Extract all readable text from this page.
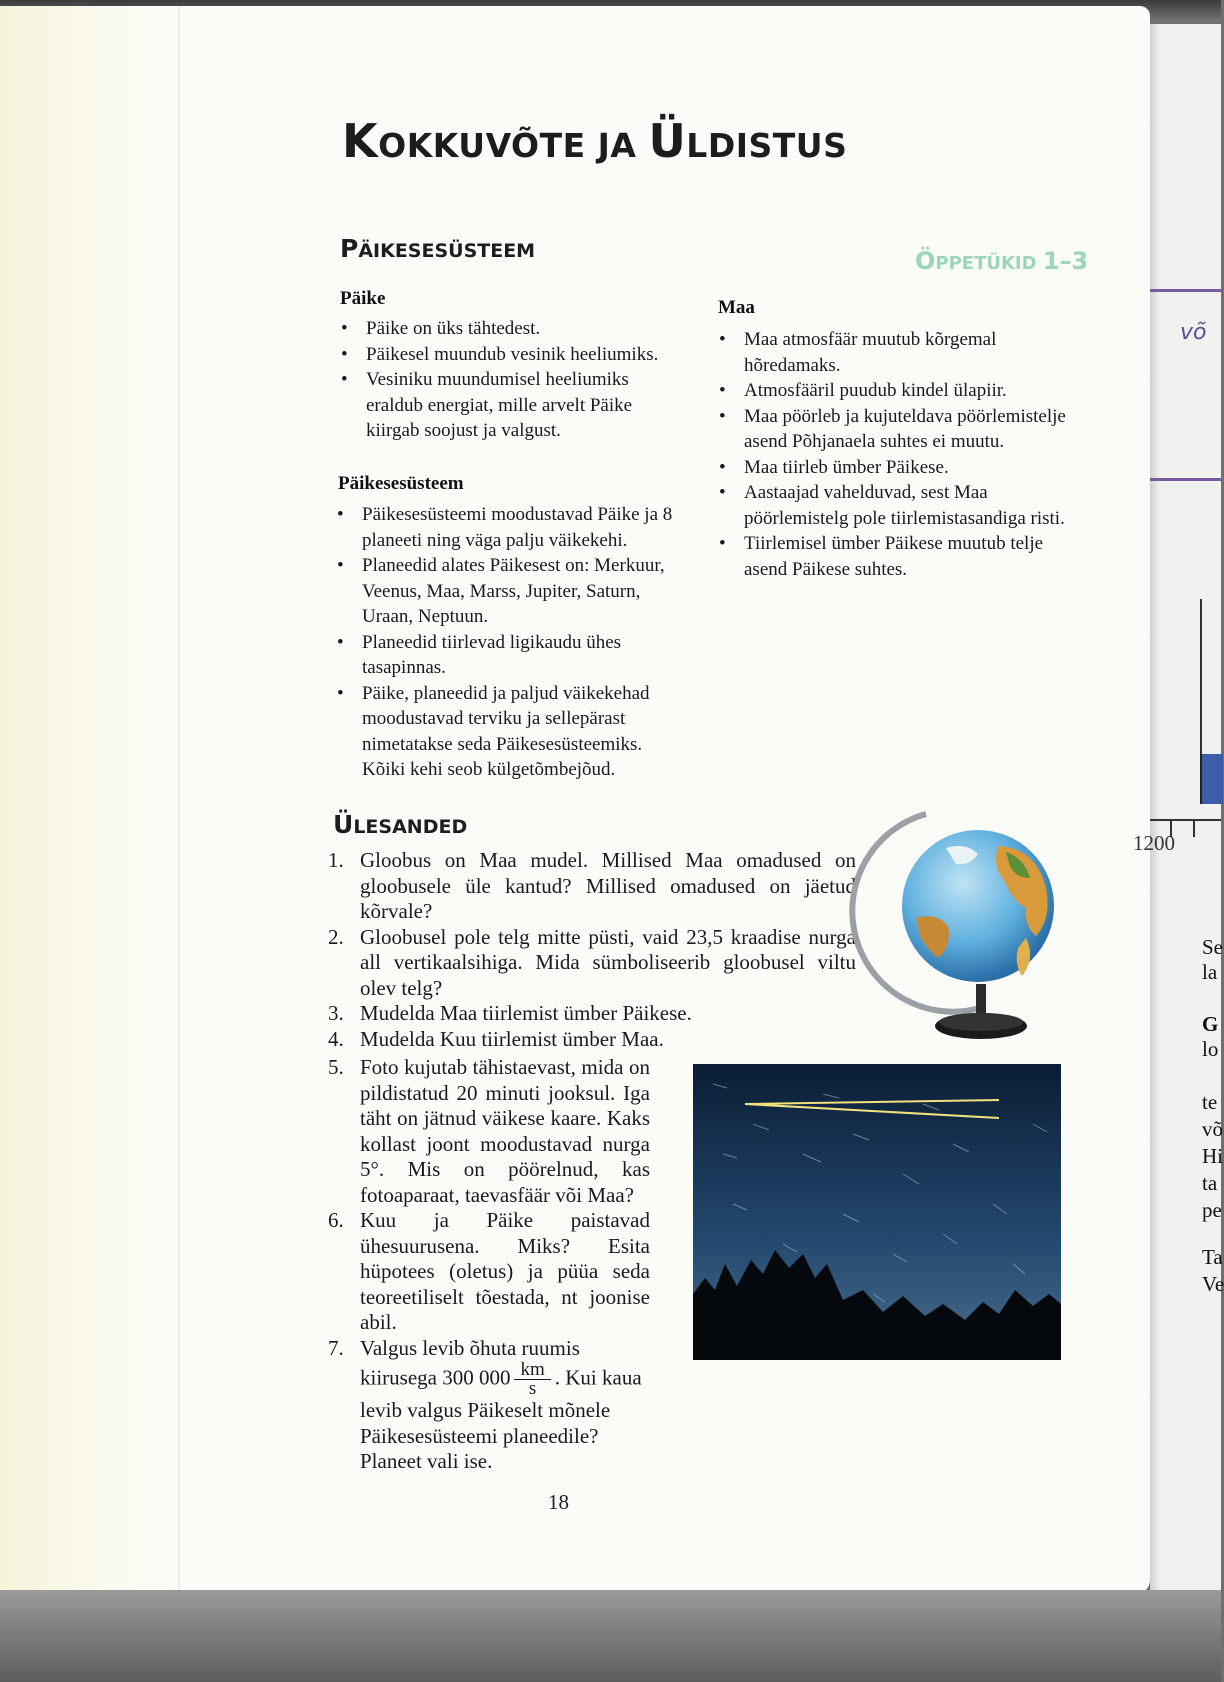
võ
Se
la
G
lo
te
võ
Hi
ta
pe
Ta
Ve
1200
KOKKUVÕTE JA ÜLDISTUS
PÄIKESESÜSTEEM	ÖPPETÜKID 1–3
Päike
• Päike on üks tähtedest.
• Päikesel muundub vesinik heeliumiks.
• Vesiniku muundumisel heeliumiks eraldub energiat, mille arvelt Päike kiirgab soojust ja valgust.
Päikesesüsteem
• Päikesesüsteemi moodustavad Päike ja 8 planeeti ning väga palju väikekehi.
• Planeedid alates Päikesest on: Merkuur, Veenus, Maa, Marss, Jupiter, Saturn, Uraan, Neptuun.
• Planeedid tiirlevad ligikaudu ühes tasapinnas.
• Päike, planeedid ja paljud väikekehad moodustavad terviku ja sellepärast nimetatakse seda Päikesesüsteemiks. Kõiki kehi seob külgetõmbejõud.
Maa
• Maa atmosfäär muutub kõrgemal hõredamaks.
• Atmosfääril puudub kindel ülapiir.
• Maa pöörleb ja kujuteldava pöörlemistelje asend Põhjanaela suhtes ei muutu.
• Maa tiirleb ümber Päikese.
• Aastaajad vahelduvad, sest Maa pöörlemistelg pole tiirlemistasandiga risti.
• Tiirlemisel ümber Päikese muutub telje asend Päikese suhtes.
ÜLESANDED
1. Gloobus on Maa mudel. Millised Maa omadused on gloobusele üle kantud? Millised omadused on jäetud kõrvale?
2. Gloobusel pole telg mitte püsti, vaid 23,5 kraadise nurga all vertikaalsihiga. Mida sümboliseerib gloobusel viltu olev telg?
3. Mudelda Maa tiirlemist ümber Päikese.
4. Mudelda Kuu tiirlemist ümber Maa.
5. Foto kujutab tähistaevast, mida on pildistatud 20 minuti jooksul. Iga täht on jätnud väikese kaare. Kaks kollast joont moodustavad nurga 5°. Mis on pöörelnud, kas fotoaparaat, taevasfäär või Maa?
6. Kuu ja Päike paistavad ühesuurusena. Miks? Esita hüpotees (oletus) ja püüa seda teoreetiliselt tõestada, nt joonise abil.
7. Valgus levib õhuta ruumis kiirusega 300 $000 \frac{km}{s}$ . Kui kaua levib valgus Päikeselt mõnele Päikesesüsteemi planeedile? Planeet vali ise.
18
